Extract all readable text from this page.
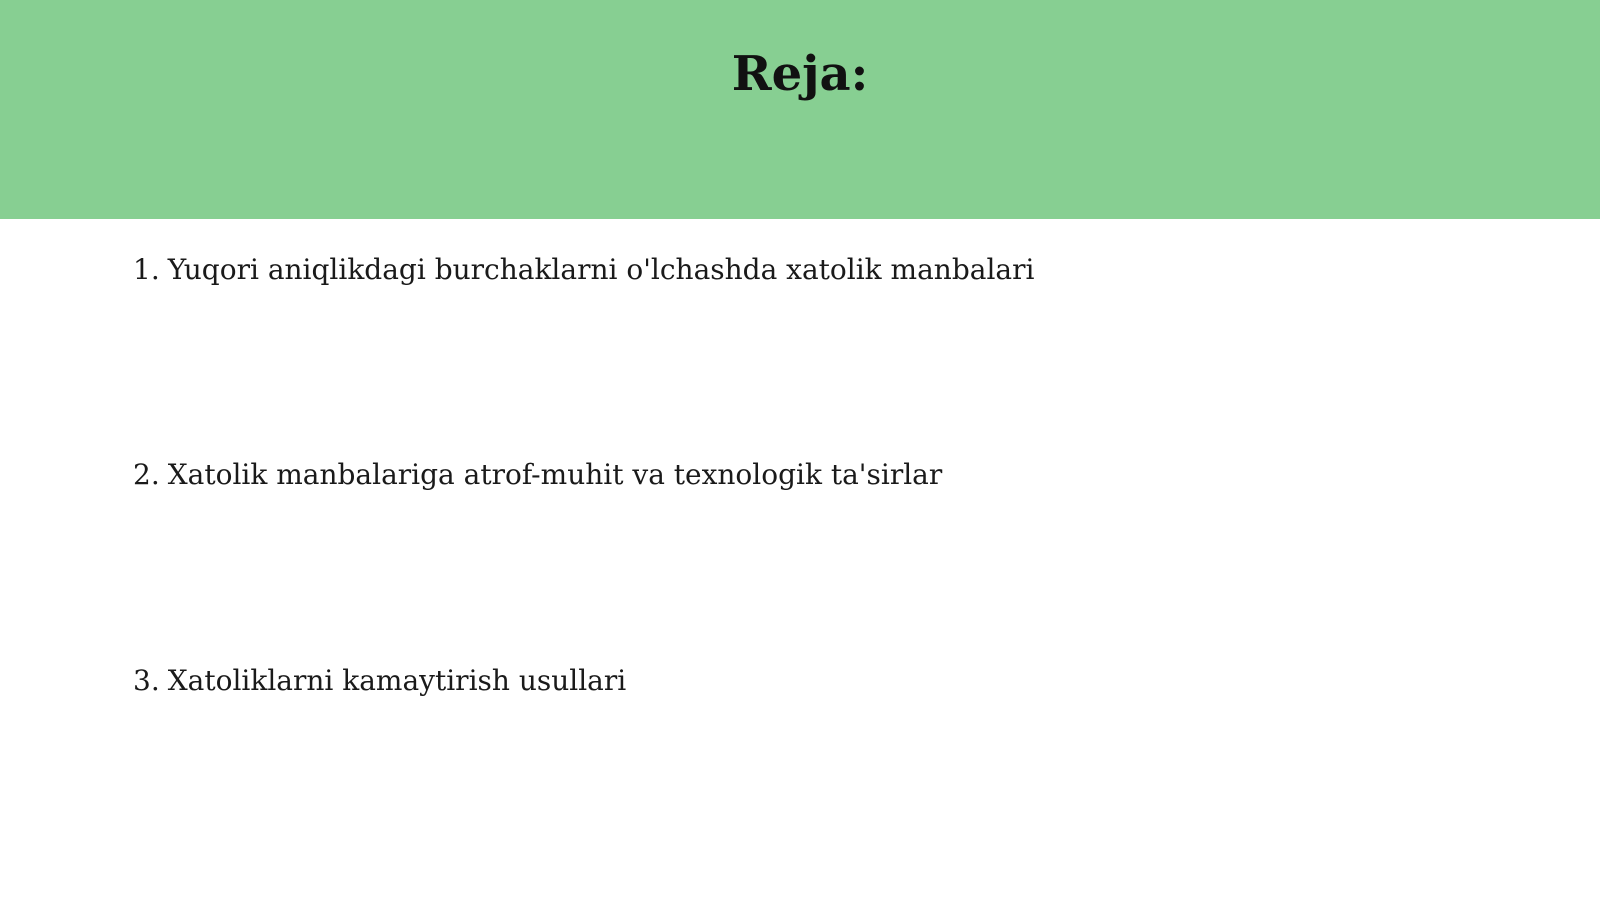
Reja:
1. Yuqori aniqlikdagi burchaklarni o'lchashda xatolik manbalari
2. Xatolik manbalariga atrof-muhit va texnologik ta'sirlar
3. Xatoliklarni kamaytirish usullari
